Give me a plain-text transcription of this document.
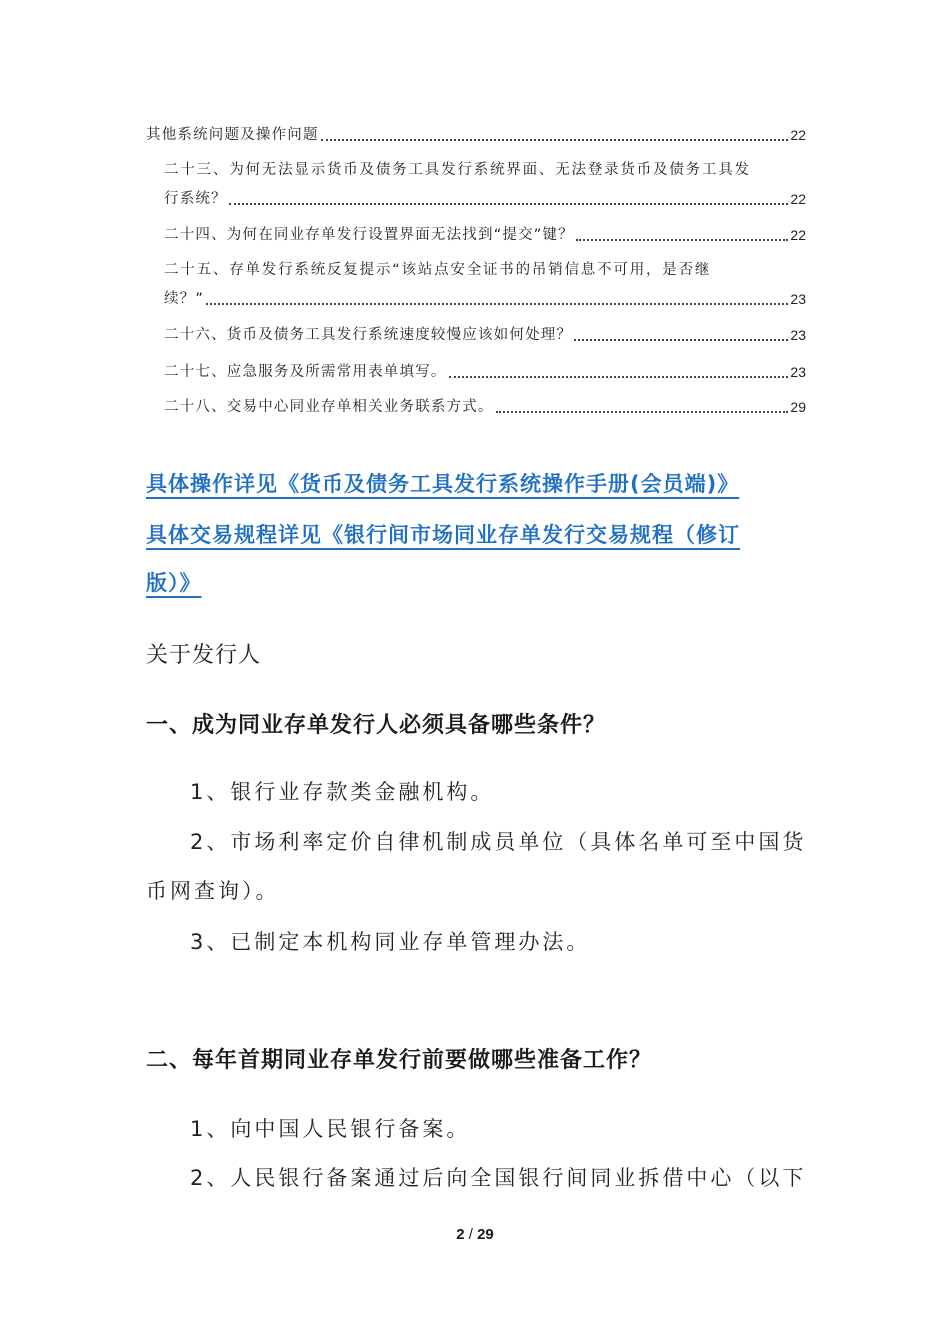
其他系统问题及操作问题	22
二十三、为何无法显示货币及债务工具发行系统界面、无法登录货币及债务工具发
行系统？	22
二十四、为何在同业存单发行设置界面无法找到“提交”键？	22
二十五、存单发行系统反复提示“该站点安全证书的吊销信息不可用，是否继
续？”	23
二十六、货币及债务工具发行系统速度较慢应该如何处理？	23
二十七、应急服务及所需常用表单填写。	23
二十八、交易中心同业存单相关业务联系方式。	29
具体操作详见《货币及债务工具发行系统操作手册(会员端)》
具体交易规程详见《银行间市场同业存单发行交易规程（修订
版）》
关于发行人
一、成为同业存单发行人必须具备哪些条件？
1、银行业存款类金融机构。
2、市场利率定价自律机制成员单位（具体名单可至中国货
币网查询）。
3、已制定本机构同业存单管理办法。
二、每年首期同业存单发行前要做哪些准备工作？
1、向中国人民银行备案。
2、人民银行备案通过后向全国银行间同业拆借中心（以下
2 / 29
